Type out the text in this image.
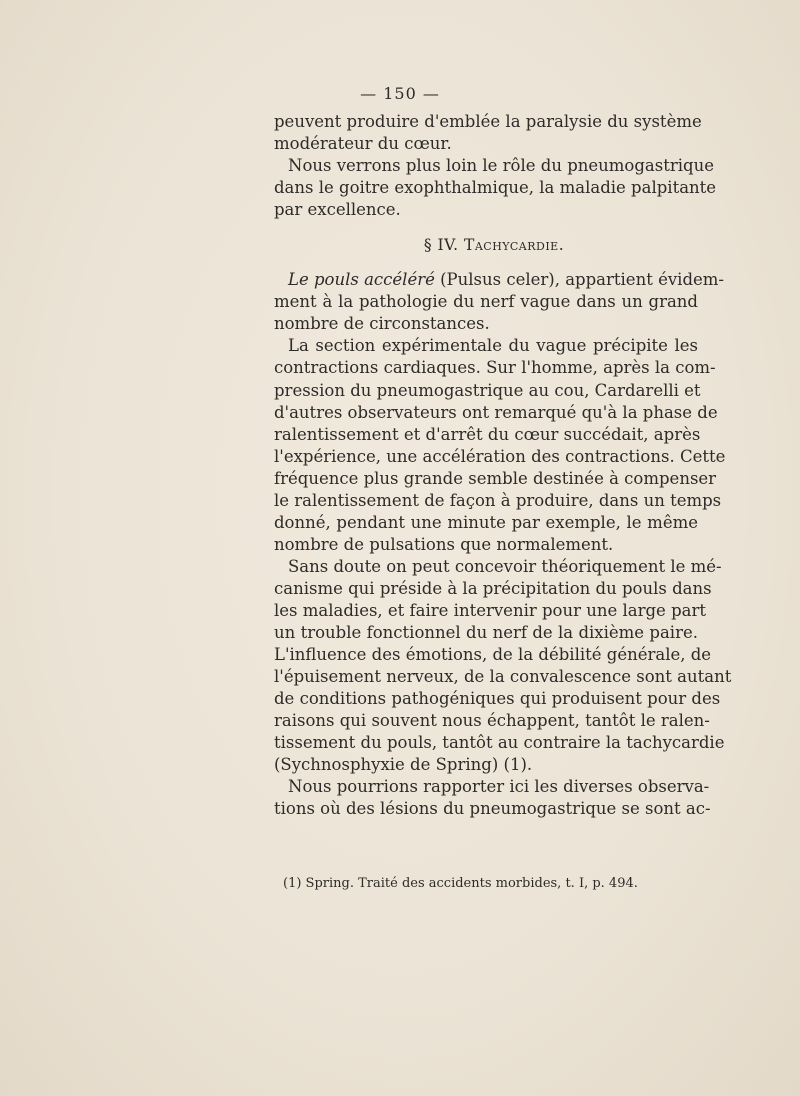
— 150 —
peuvent produire d'emblée la paralysie du système
modérateur du cœur.
Nous verrons plus loin le rôle du pneumogastrique
dans le goitre exophthalmique, la maladie palpitante
par excellence.
§ IV. Tachycardie.
Le pouls accéléré (Pulsus celer), appartient évidem-
ment à la pathologie du nerf vague dans un grand
nombre de circonstances.
La section expérimentale du vague précipite les
contractions cardiaques. Sur l'homme, après la com-
pression du pneumogastrique au cou, Cardarelli et
d'autres observateurs ont remarqué qu'à la phase de
ralentissement et d'arrêt du cœur succédait, après
l'expérience, une accélération des contractions. Cette
fréquence plus grande semble destinée à compenser
le ralentissement de façon à produire, dans un temps
donné, pendant une minute par exemple, le même
nombre de pulsations que normalement.
Sans doute on peut concevoir théoriquement le mé-
canisme qui préside à la précipitation du pouls dans
les maladies, et faire intervenir pour une large part
un trouble fonctionnel du nerf de la dixième paire.
L'influence des émotions, de la débilité générale, de
l'épuisement nerveux, de la convalescence sont autant
de conditions pathogéniques qui produisent pour des
raisons qui souvent nous échappent, tantôt le ralen-
tissement du pouls, tantôt au contraire la tachycardie
(Sychnosphyxie de Spring) (1).
Nous pourrions rapporter ici les diverses observa-
tions où des lésions du pneumogastrique se sont ac-
(1) Spring. Traité des accidents morbides, t. I, p. 494.
